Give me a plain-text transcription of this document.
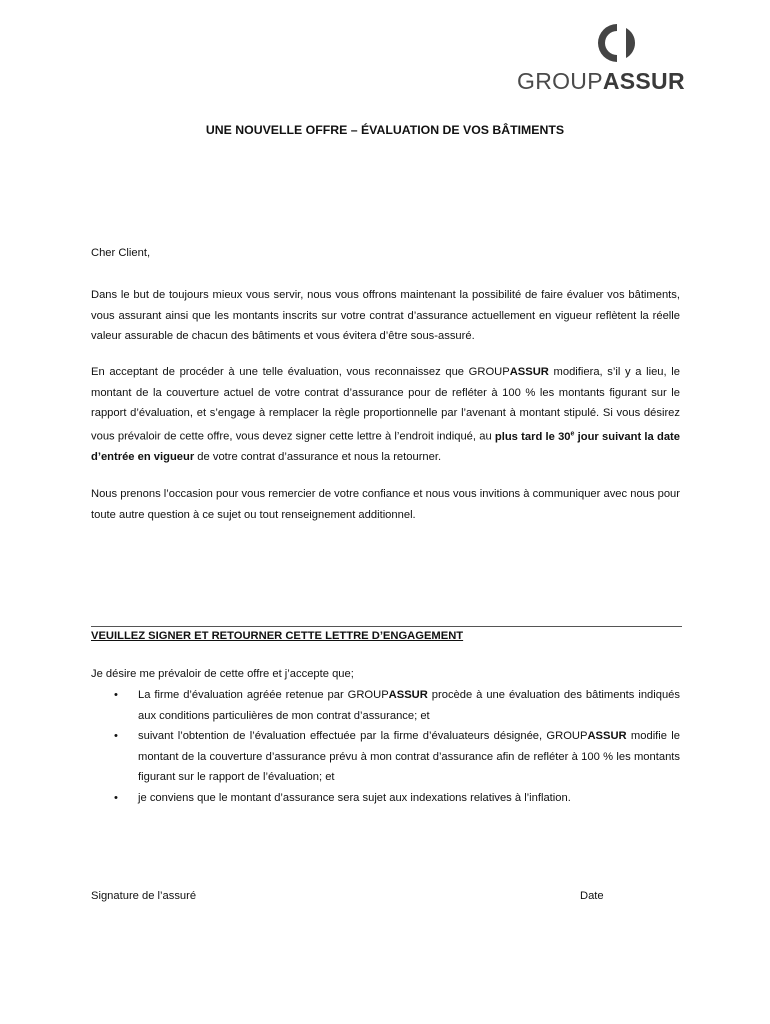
GROUPASSUR
UNE NOUVELLE OFFRE – ÉVALUATION DE VOS BÂTIMENTS
Cher Client,
Dans le but de toujours mieux vous servir, nous vous offrons maintenant la possibilité de faire évaluer vos bâtiments, vous assurant ainsi que les montants inscrits sur votre contrat d’assurance actuellement en vigueur reflètent la réelle valeur assurable de chacun des bâtiments et vous évitera d’être sous-assuré.
En acceptant de procéder à une telle évaluation, vous reconnaissez que GROUPASSUR modifiera, s’il y a lieu, le montant de la couverture actuel de votre contrat d’assurance pour de refléter à 100 % les montants figurant sur le rapport d’évaluation, et s’engage à remplacer la règle proportionnelle par l’avenant à montant stipulé. Si vous désirez vous prévaloir de cette offre, vous devez signer cette lettre à l’endroit indiqué, au plus tard le 30e jour suivant la date d’entrée en vigueur de votre contrat d’assurance et nous la retourner.
Nous prenons l’occasion pour vous remercier de votre confiance et nous vous invitions à communiquer avec nous pour toute autre question à ce sujet ou tout renseignement additionnel.
VEUILLEZ SIGNER ET RETOURNER CETTE LETTRE D’ENGAGEMENT
Je désire me prévaloir de cette offre et j’accepte que;
• La firme d’évaluation agréée retenue par GROUPASSUR procède à une évaluation des bâtiments indiqués aux conditions particulières de mon contrat d’assurance; et
• suivant l’obtention de l’évaluation effectuée par la firme d’évaluateurs désignée, GROUPASSUR modifie le montant de la couverture d’assurance prévu à mon contrat d’assurance afin de refléter à 100 % les montants figurant sur le rapport de l’évaluation; et
• je conviens que le montant d’assurance sera sujet aux indexations relatives à l’inflation.
Signature de l’assuré	Date
